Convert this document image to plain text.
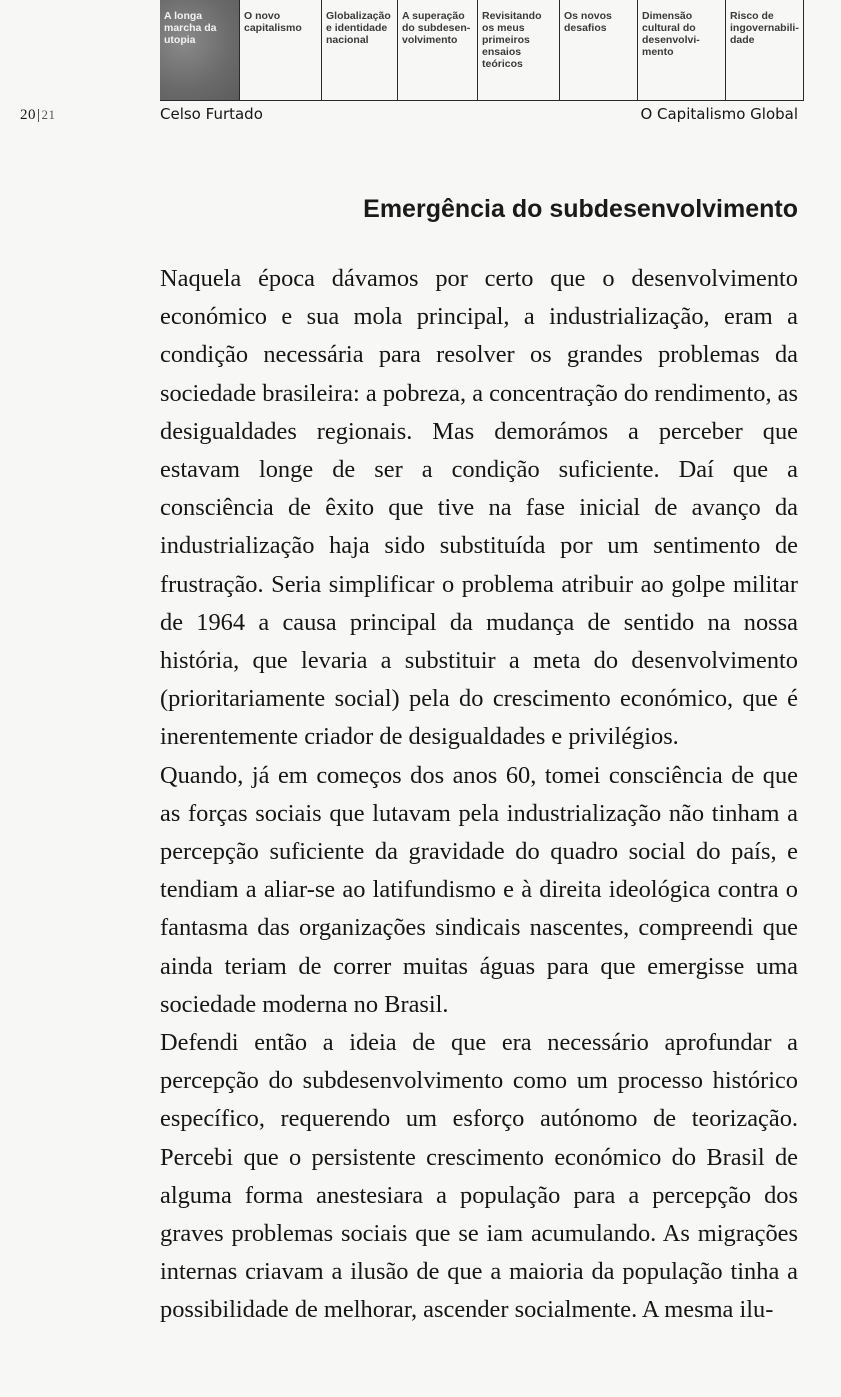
A longa
marcha da
utopia
O novo
capitalismo
Globalização
e identidade
nacional
A superação
do subdesen-
volvimento
Revisitando
os meus
primeiros
ensaios
teóricos
Os novos
desafios
Dimensão
cultural do
desenvolvi-
mento
Risco de
ingovernabili-
dade
20|21	Celso Furtado	O Capitalismo Global
Emergência do subdesenvolvimento

Naquela época dávamos por certo que o desenvolvimento económico e sua mola principal, a industrialização, eram a condição necessária para resolver os grandes problemas da sociedade brasileira: a pobreza, a concentração do rendimento, as desigualdades regionais. Mas demorámos a perceber que estavam longe de ser a condição suficiente. Daí que a consciência de êxito que tive na fase inicial de avanço da industrialização haja sido substituída por um sentimento de frustração. Seria simplificar o problema atribuir ao golpe militar de 1964 a causa principal da mudança de sentido na nossa história, que levaria a substituir a meta do desenvolvimento (prioritariamente social) pela do crescimento económico, que é inerentemente criador de desigualdades e privilégios.

Quando, já em começos dos anos 60, tomei consciência de que as forças sociais que lutavam pela industrialização não tinham a percepção suficiente da gravidade do quadro social do país, e tendiam a aliar-se ao latifundismo e à direita ideológica contra o fantasma das organizações sindicais nascentes, compreendi que ainda teriam de correr muitas águas para que emergisse uma sociedade moderna no Brasil.

Defendi então a ideia de que era necessário aprofundar a percepção do subdesenvolvimento como um processo histórico específico, requerendo um esforço autónomo de teorização. Percebi que o persistente crescimento económico do Brasil de alguma forma anestesiara a população para a percepção dos graves problemas sociais que se iam acumulando. As migrações internas criavam a ilusão de que a maioria da população tinha a possibilidade de melhorar, ascender socialmente. A mesma ilu-
